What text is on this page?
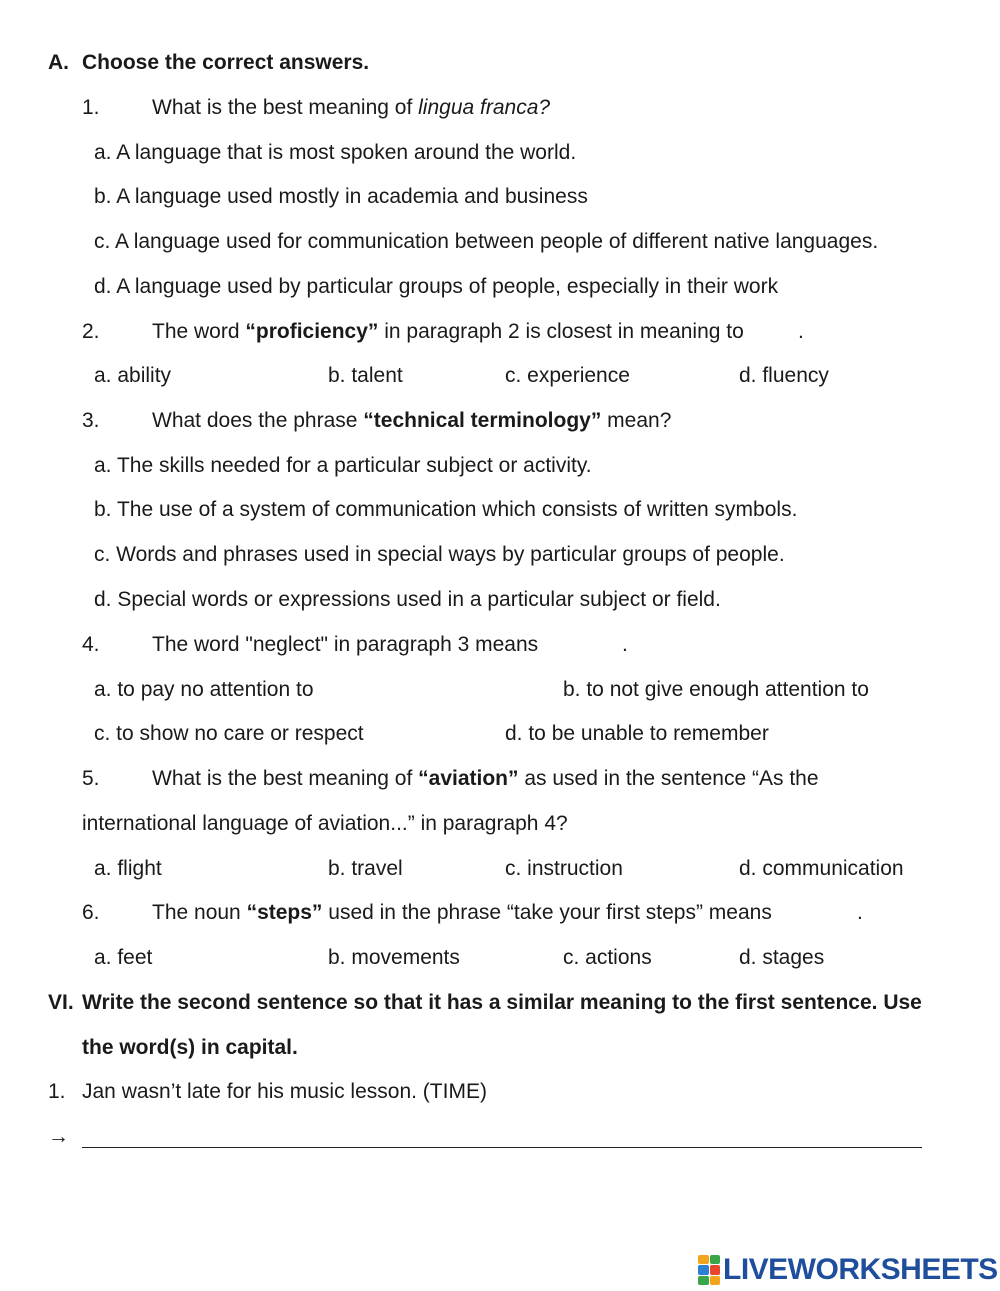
A. Choose the correct answers.
1. What is the best meaning of lingua franca?
a. A language that is most spoken around the world.
b. A language used mostly in academia and business
c. A language used for communication between people of different native languages.
d. A language used by particular groups of people, especially in their work
2. The word “proficiency” in paragraph 2 is closest in meaning to	.
a. ability	b. talent	c. experience	d. fluency
3. What does the phrase “technical terminology” mean?
a. The skills needed for a particular subject or activity.
b. The use of a system of communication which consists of written symbols.
c. Words and phrases used in special ways by particular groups of people.
d. Special words or expressions used in a particular subject or field.
4. The word "neglect" in paragraph 3 means	.
a. to pay no attention to	b. to not give enough attention to
c. to show no care or respect	d. to be unable to remember
5. What is the best meaning of “aviation” as used in the sentence “As the
international language of aviation...” in paragraph 4?
a. flight	b. travel	c. instruction	d. communication
6. The noun “steps” used in the phrase “take your first steps” means	.
a. feet	b. movements	c. actions	d. stages
VI. Write the second sentence so that it has a similar meaning to the first sentence. Use
the word(s) in capital.
1. Jan wasn’t late for his music lesson. (TIME)
→
LIVEWORKSHEETS
